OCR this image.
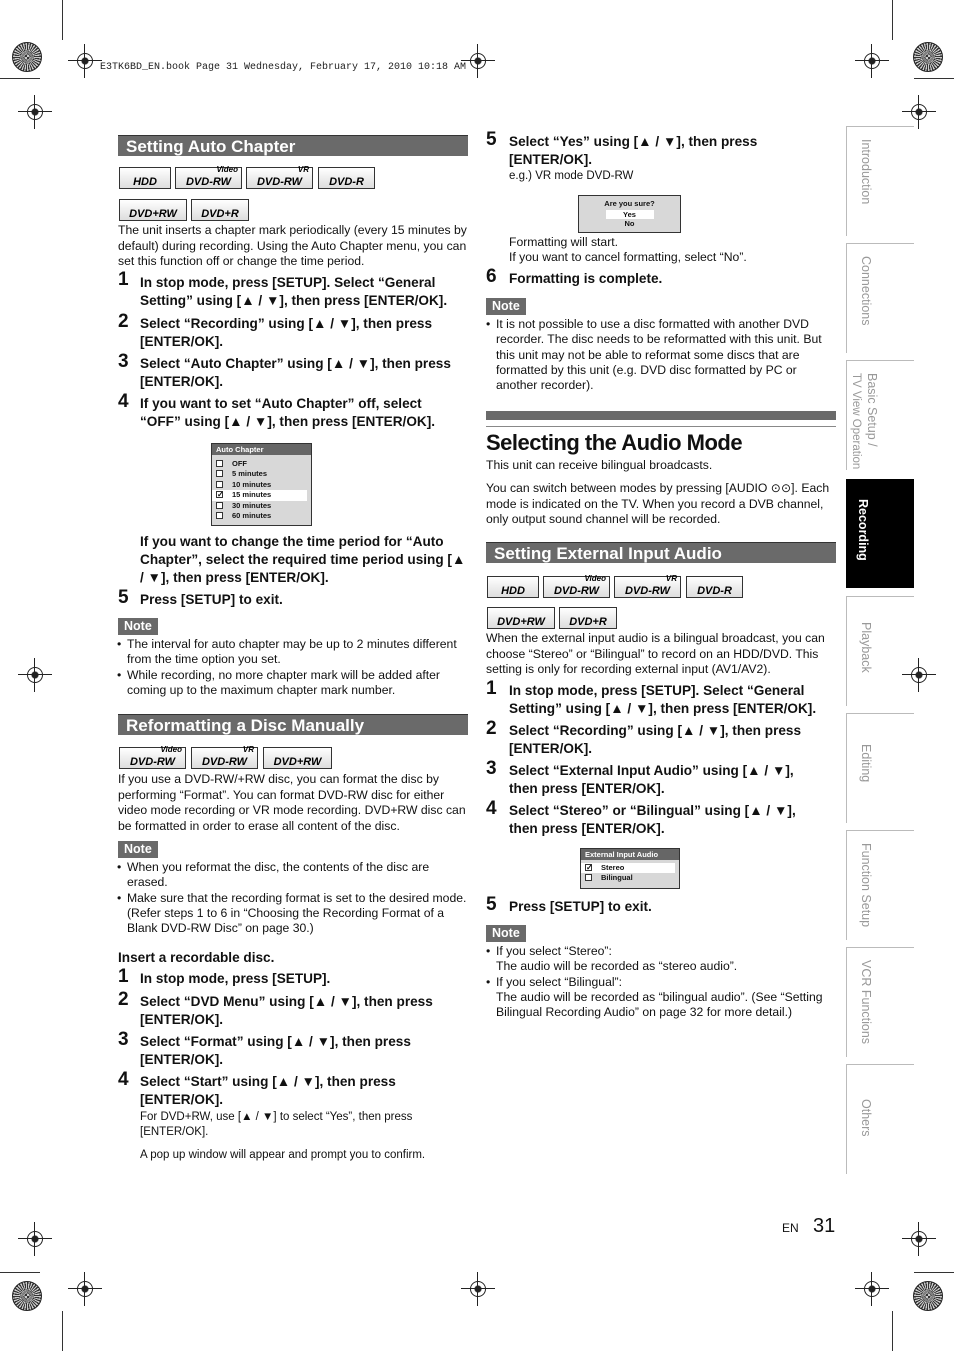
E3TK6BD_EN.book Page 31 Wednesday, February 17, 2010 10:18 AM
Introduction
Connections
Basic Setup /
TV View Operation
Recording
Playback
Editing
Function Setup
VCR Functions
Others
Setting Auto Chapter
HDD
Video
DVD-RW
VR
DVD-RW	DVD-R
DVD+RW	DVD+R
The unit inserts a chapter mark periodically (every 15 minutes by default) during recording. Using the Auto Chapter menu, you can set this function off or change the time period.
1 In stop mode, press [SETUP]. Select “General Setting” using [▲ / ▼], then press [ENTER/OK].
2 Select “Recording” using [▲ / ▼], then press [ENTER/OK].
3 Select “Auto Chapter” using [▲ / ▼], then press [ENTER/OK].
4 If you want to set “Auto Chapter” off, select “OFF” using [▲ / ▼], then press [ENTER/OK].
Auto Chapter
OFF
5 minutes
10 minutes
✓ 15 minutes
30 minutes
60 minutes
If you want to change the time period for “Auto Chapter”, select the required time period using [▲ / ▼], then press [ENTER/OK].
5 Press [SETUP] to exit.
Note
• The interval for auto chapter may be up to 2 minutes different from the time option you set.
• While recording, no more chapter mark will be added after coming up to the maximum chapter mark number.
Reformatting a Disc Manually
Video
DVD-RW
VR
DVD-RW	DVD+RW
If you use a DVD-RW/+RW disc, you can format the disc by performing “Format”. You can format DVD-RW disc for either video mode recording or VR mode recording. DVD+RW disc can be formatted in order to erase all content of the disc.
Note
• When you reformat the disc, the contents of the disc are erased.
• Make sure that the recording format is set to the desired mode. (Refer steps 1 to 6 in “Choosing the Recording Format of a Blank DVD-RW Disc” on page 30.)
Insert a recordable disc.
1 In stop mode, press [SETUP].
2 Select “DVD Menu” using [▲ / ▼], then press [ENTER/OK].
3 Select “Format” using [▲ / ▼], then press [ENTER/OK].
4 Select “Start” using [▲ / ▼], then press [ENTER/OK].
For DVD+RW, use [▲ / ▼] to select “Yes”, then press [ENTER/OK].
A pop up window will appear and prompt you to confirm.
5 Select “Yes” using [▲ / ▼], then press [ENTER/OK].
e.g.) VR mode DVD-RW
Are you sure?
Yes
No
Formatting will start.
If you want to cancel formatting, select “No”.
6 Formatting is complete.
Note
• It is not possible to use a disc formatted with another DVD recorder. The disc needs to be reformatted with this unit. But this unit may not be able to reformat some discs that are formatted by this unit (e.g. DVD disc formatted by PC or another recorder).
Selecting the Audio Mode
This unit can receive bilingual broadcasts.
You can switch between modes by pressing [AUDIO ⊙⊙]. Each mode is indicated on the TV. When you record a DVB channel, only output sound channel will be recorded.
Setting External Input Audio
HDD
Video
DVD-RW
VR
DVD-RW	DVD-R
DVD+RW	DVD+R
When the external input audio is a bilingual broadcast, you can choose “Stereo” or “Bilingual” to record on an HDD/DVD. This setting is only for recording external input (AV1/AV2).
1 In stop mode, press [SETUP]. Select “General Setting” using [▲ / ▼], then press [ENTER/OK].
2 Select “Recording” using [▲ / ▼], then press [ENTER/OK].
3 Select “External Input Audio” using [▲ / ▼], then press [ENTER/OK].
4 Select “Stereo” or “Bilingual” using [▲ / ▼], then press [ENTER/OK].
External Input Audio
✓ Stereo
Bilingual
5 Press [SETUP] to exit.
Note
• If you select “Stereo”:
The audio will be recorded as “stereo audio”.
• If you select “Bilingual”:
The audio will be recorded as “bilingual audio”. (See “Setting Bilingual Recording Audio” on page 32 for more detail.)
EN 31
